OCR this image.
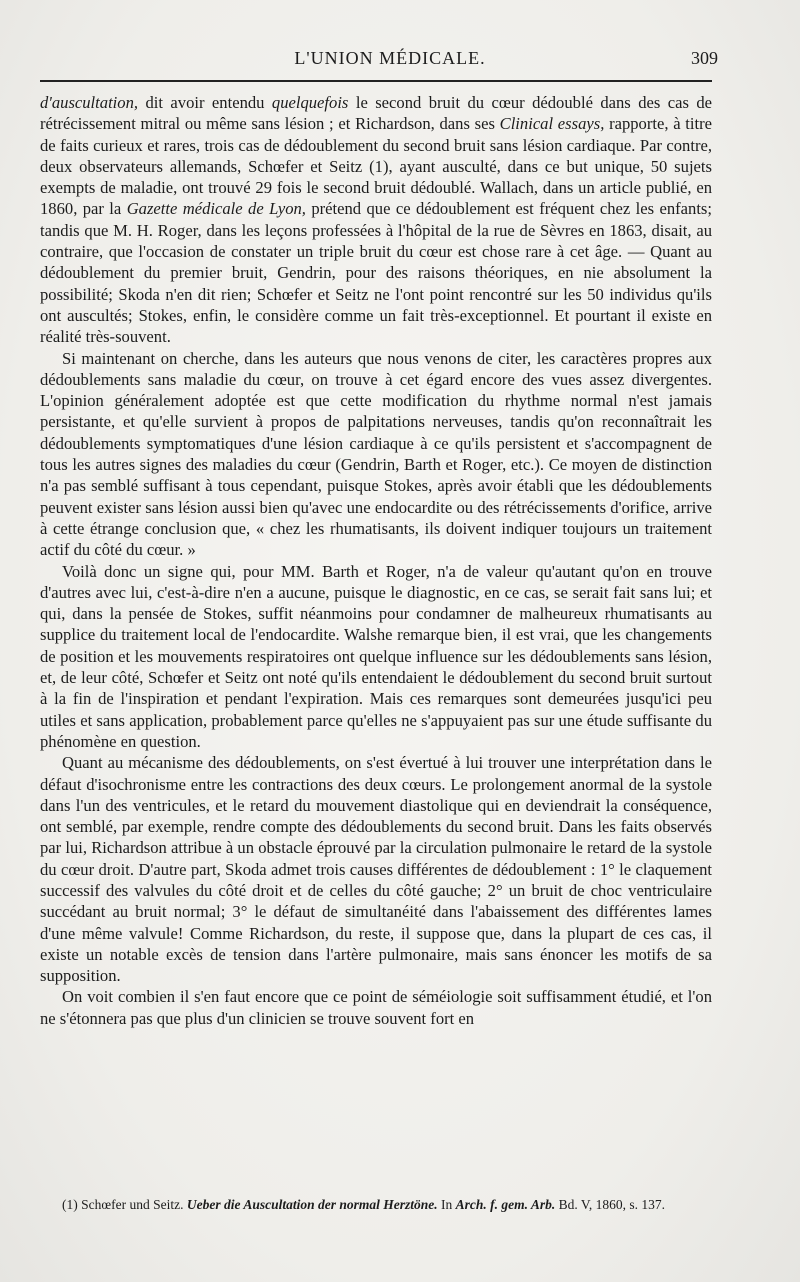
L'UNION MÉDICALE.	309

d'auscultation, dit avoir entendu quelquefois le second bruit du cœur dédoublé dans des cas de rétrécissement mitral ou même sans lésion ; et Richardson, dans ses Clinical essays, rapporte, à titre de faits curieux et rares, trois cas de dédoublement du second bruit sans lésion cardiaque. Par contre, deux observateurs allemands, Schœfer et Seitz (1), ayant ausculté, dans ce but unique, 50 sujets exempts de maladie, ont trouvé 29 fois le second bruit dédoublé. Wallach, dans un article publié, en 1860, par la Gazette médicale de Lyon, prétend que ce dédoublement est fréquent chez les enfants; tandis que M. H. Roger, dans les leçons professées à l'hôpital de la rue de Sèvres en 1863, disait, au contraire, que l'occasion de constater un triple bruit du cœur est chose rare à cet âge. — Quant au dédoublement du premier bruit, Gendrin, pour des raisons théoriques, en nie absolument la possibilité; Skoda n'en dit rien; Schœfer et Seitz ne l'ont point rencontré sur les 50 individus qu'ils ont auscultés; Stokes, enfin, le considère comme un fait très-exceptionnel. Et pourtant il existe en réalité très-souvent.

Si maintenant on cherche, dans les auteurs que nous venons de citer, les caractères propres aux dédoublements sans maladie du cœur, on trouve à cet égard encore des vues assez divergentes. L'opinion généralement adoptée est que cette modification du rhythme normal n'est jamais persistante, et qu'elle survient à propos de palpitations nerveuses, tandis qu'on reconnaîtrait les dédoublements symptomatiques d'une lésion cardiaque à ce qu'ils persistent et s'accompagnent de tous les autres signes des maladies du cœur (Gendrin, Barth et Roger, etc.). Ce moyen de distinction n'a pas semblé suffisant à tous cependant, puisque Stokes, après avoir établi que les dédoublements peuvent exister sans lésion aussi bien qu'avec une endocardite ou des rétrécissements d'orifice, arrive à cette étrange conclusion que, « chez les rhumatisants, ils doivent indiquer toujours un traitement actif du côté du cœur. »

Voilà donc un signe qui, pour MM. Barth et Roger, n'a de valeur qu'autant qu'on en trouve d'autres avec lui, c'est-à-dire n'en a aucune, puisque le diagnostic, en ce cas, se serait fait sans lui; et qui, dans la pensée de Stokes, suffit néanmoins pour condamner de malheureux rhumatisants au supplice du traitement local de l'endocardite. Walshe remarque bien, il est vrai, que les changements de position et les mouvements respiratoires ont quelque influence sur les dédoublements sans lésion, et, de leur côté, Schœfer et Seitz ont noté qu'ils entendaient le dédoublement du second bruit surtout à la fin de l'inspiration et pendant l'expiration. Mais ces remarques sont demeurées jusqu'ici peu utiles et sans application, probablement parce qu'elles ne s'appuyaient pas sur une étude suffisante du phénomène en question.

Quant au mécanisme des dédoublements, on s'est évertué à lui trouver une interprétation dans le défaut d'isochronisme entre les contractions des deux cœurs. Le prolongement anormal de la systole dans l'un des ventricules, et le retard du mouvement diastolique qui en deviendrait la conséquence, ont semblé, par exemple, rendre compte des dédoublements du second bruit. Dans les faits observés par lui, Richardson attribue à un obstacle éprouvé par la circulation pulmonaire le retard de la systole du cœur droit. D'autre part, Skoda admet trois causes différentes de dédoublement : 1° le claquement successif des valvules du côté droit et de celles du côté gauche; 2° un bruit de choc ventriculaire succédant au bruit normal; 3° le défaut de simultanéité dans l'abaissement des différentes lames d'une même valvule! Comme Richardson, du reste, il suppose que, dans la plupart de ces cas, il existe un notable excès de tension dans l'artère pulmonaire, mais sans énoncer les motifs de sa supposition.

On voit combien il s'en faut encore que ce point de séméiologie soit suffisamment étudié, et l'on ne s'étonnera pas que plus d'un clinicien se trouve souvent fort en

(1) Schœfer und Seitz. Ueber die Auscultation der normal Herztöne. In Arch. f. gem. Arb. Bd. V, 1860, s. 137.
